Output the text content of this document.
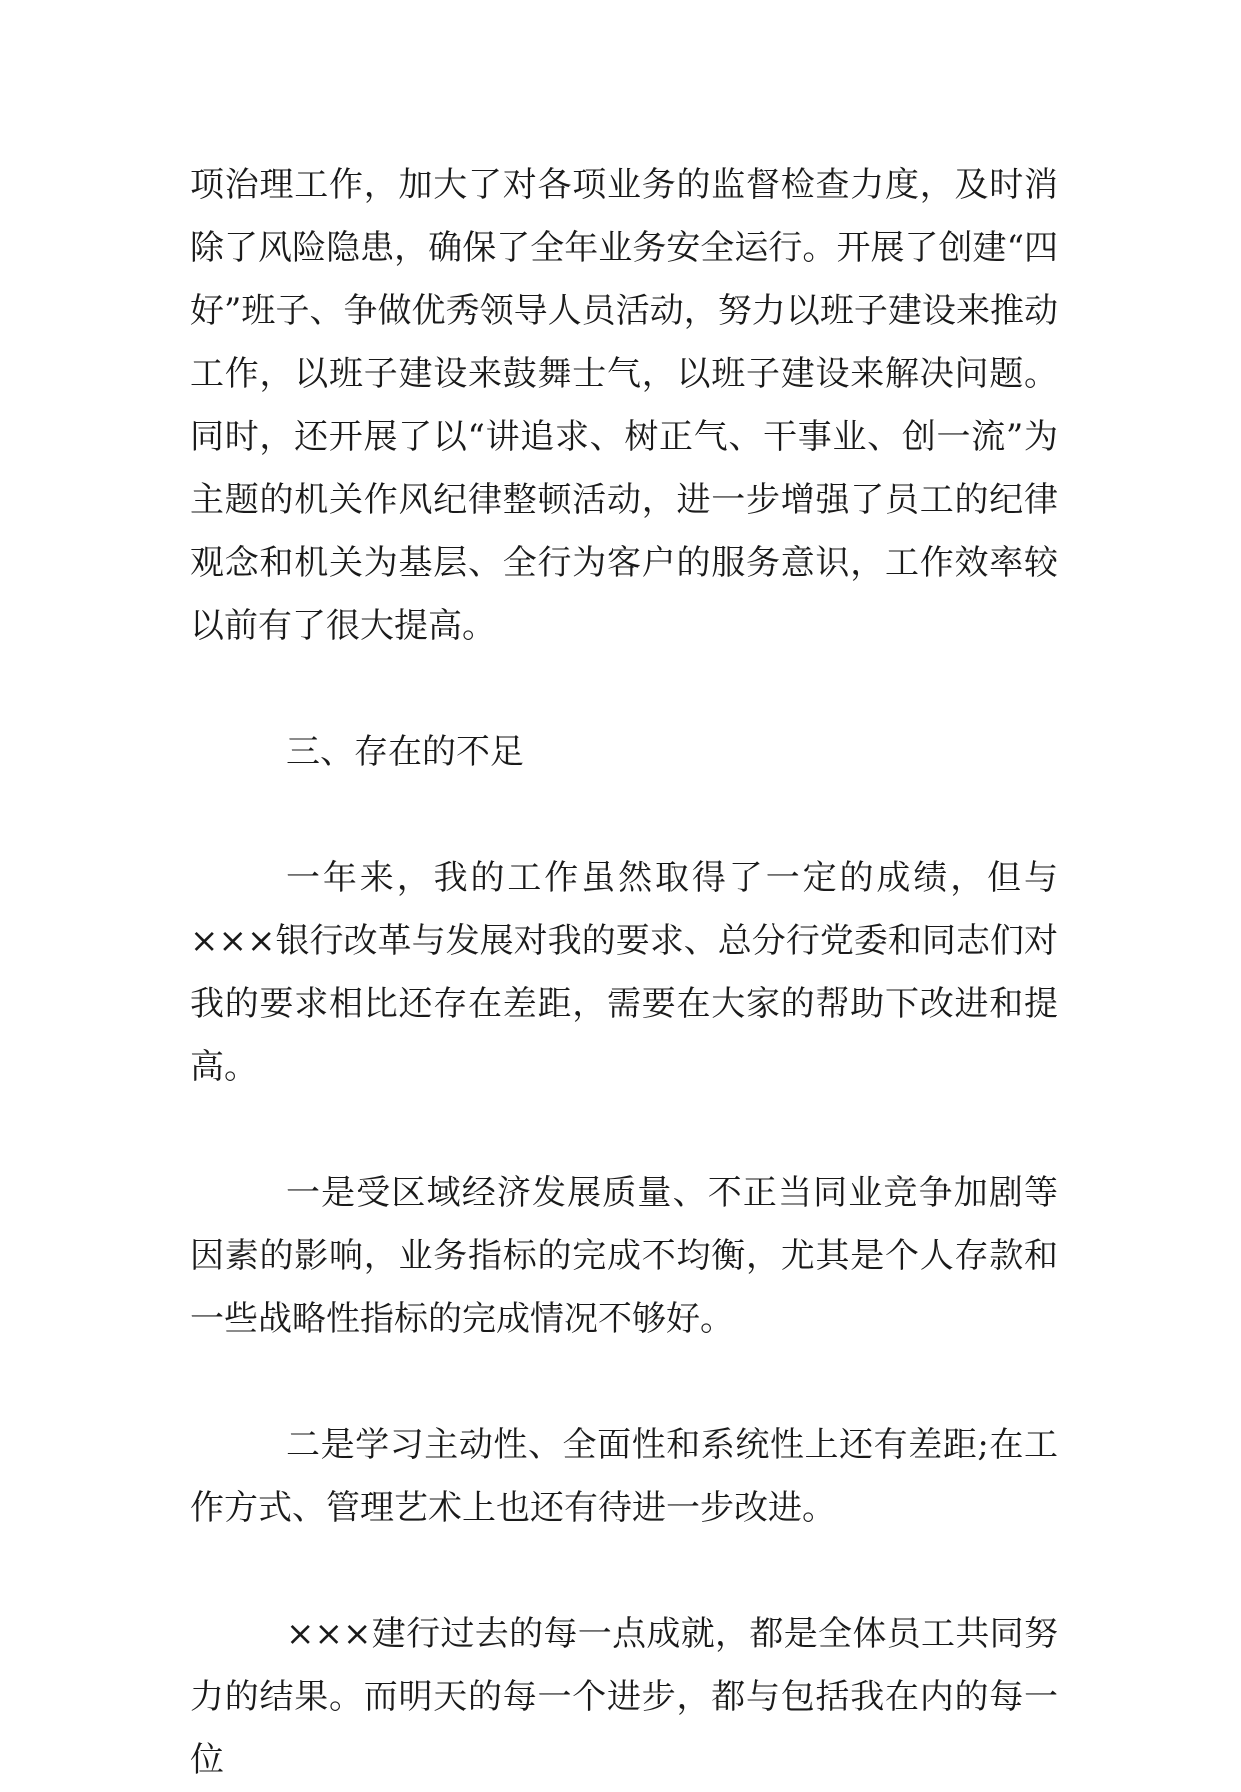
项治理工作，加大了对各项业务的监督检查力度，及时消除了风险隐患，确保了全年业务安全运行。开展了创建“四好”班子、争做优秀领导人员活动，努力以班子建设来推动工作，以班子建设来鼓舞士气，以班子建设来解决问题。同时，还开展了以“讲追求、树正气、干事业、创一流”为主题的机关作风纪律整顿活动，进一步增强了员工的纪律观念和机关为基层、全行为客户的服务意识，工作效率较以前有了很大提高。

三、存在的不足

一年来，我的工作虽然取得了一定的成绩，但与×××银行改革与发展对我的要求、总分行党委和同志们对我的要求相比还存在差距，需要在大家的帮助下改进和提高。

一是受区域经济发展质量、不正当同业竞争加剧等因素的影响，业务指标的完成不均衡，尤其是个人存款和一些战略性指标的完成情况不够好。

二是学习主动性、全面性和系统性上还有差距;在工作方式、管理艺术上也还有待进一步改进。

×××建行过去的每一点成就，都是全体员工共同努力的结果。而明天的每一个进步，都与包括我在内的每一位
